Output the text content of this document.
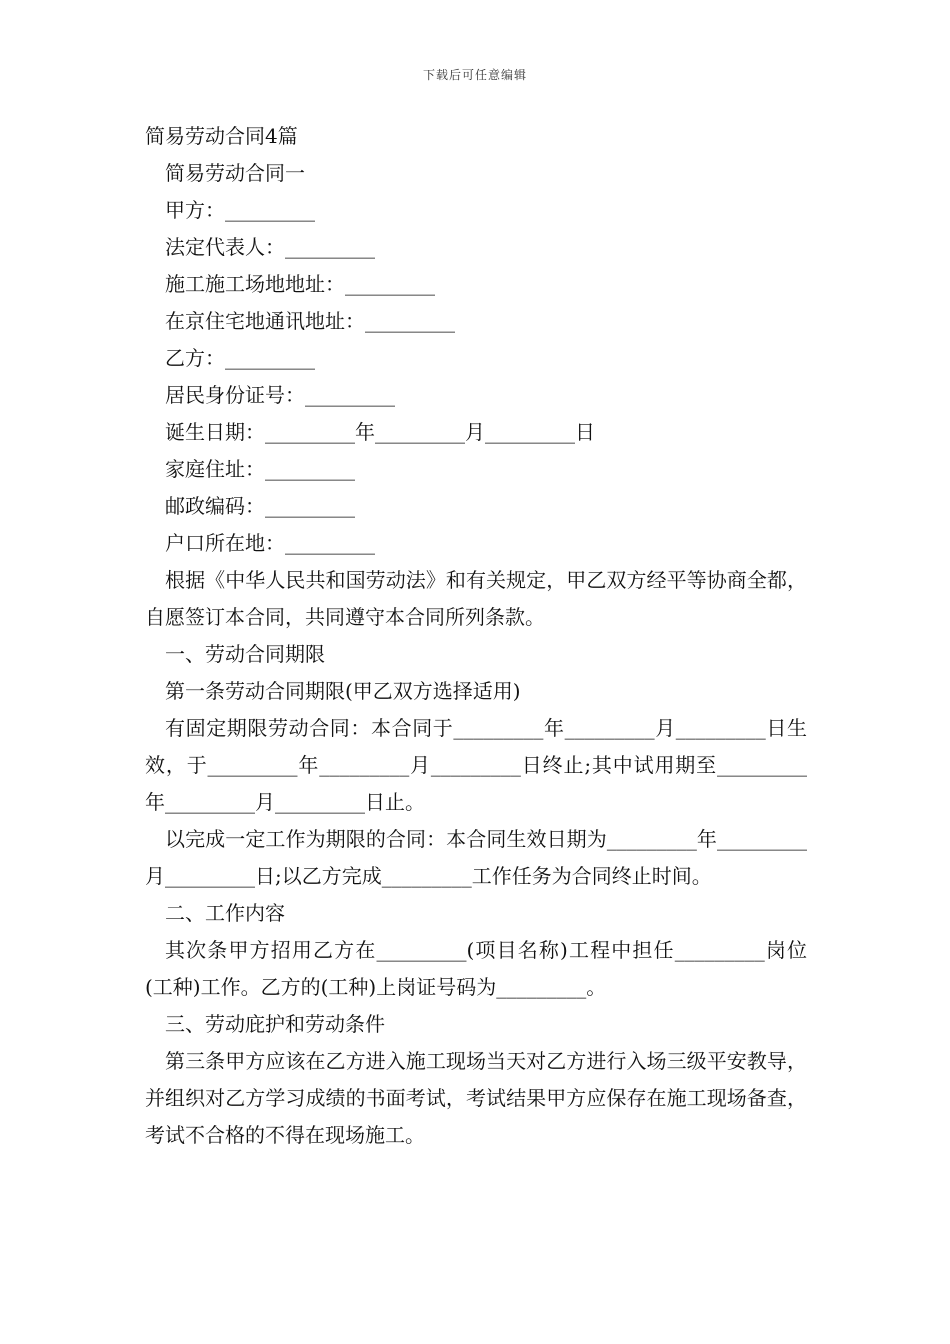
下载后可任意编辑
简易劳动合同4篇
简易劳动合同一
甲方：_________
法定代表人：_________
施工施工场地地址：_________
在京住宅地通讯地址：_________
乙方：_________
居民身份证号：_________
诞生日期：_________年_________月_________日
家庭住址：_________
邮政编码：_________
户口所在地：_________
根据《中华人民共和国劳动法》和有关规定，甲乙双方经平等协商全都，自愿签订本合同，共同遵守本合同所列条款。
一、劳动合同期限
第一条劳动合同期限(甲乙双方选择适用)
有固定期限劳动合同：本合同于_________年_________月_________日生效，于_________年_________月_________日终止;其中试用期至_________年_________月_________日止。
以完成一定工作为期限的合同：本合同生效日期为_________年_________月_________日;以乙方完成_________工作任务为合同终止时间。
二、工作内容
其次条甲方招用乙方在_________(项目名称)工程中担任_________岗位(工种)工作。乙方的(工种)上岗证号码为_________。
三、劳动庇护和劳动条件
第三条甲方应该在乙方进入施工现场当天对乙方进行入场三级平安教导，并组织对乙方学习成绩的书面考试，考试结果甲方应保存在施工现场备查，考试不合格的不得在现场施工。
